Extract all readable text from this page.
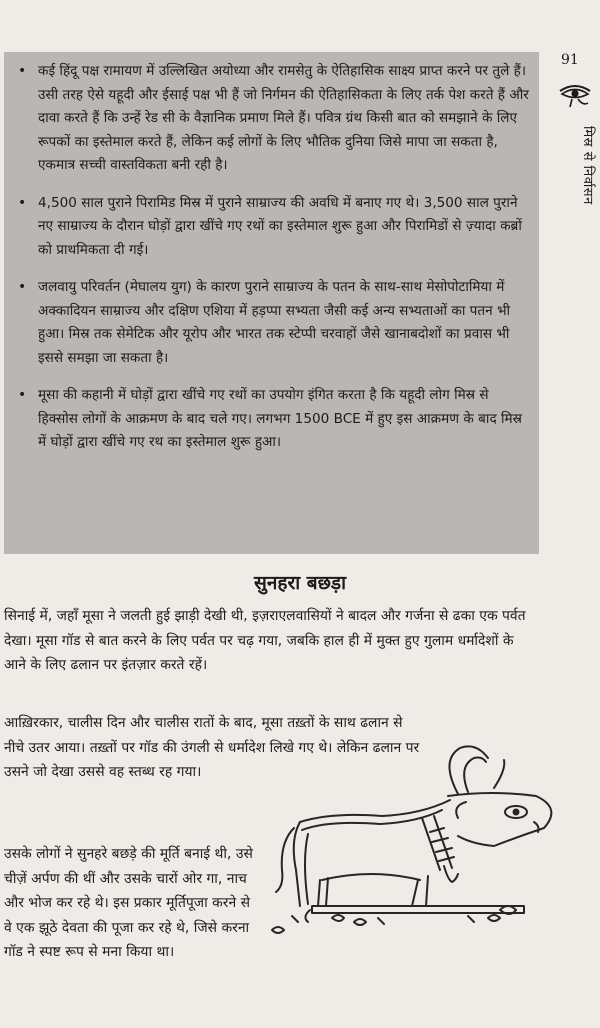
91
मिस्र से निर्वासन
• कई हिंदू पक्ष रामायण में उल्लिखित अयोध्या और रामसेतु के ऐतिहासिक साक्ष्य प्राप्त करने पर तुले हैं। उसी तरह ऐसे यहूदी और ईसाई पक्ष भी हैं जो निर्गमन की ऐतिहासिकता के लिए तर्क पेश करते हैं और दावा करते हैं कि उन्हें रेड सी के वैज्ञानिक प्रमाण मिले हैं। पवित्र ग्रंथ किसी बात को समझाने के लिए रूपकों का इस्तेमाल करते हैं, लेकिन कई लोगों के लिए भौतिक दुनिया जिसे मापा जा सकता है, एकमात्र सच्ची वास्तविकता बनी रही है।
• 4,500 साल पुराने पिरामिड मिस्र में पुराने साम्राज्य की अवधि में बनाए गए थे। 3,500 साल पुराने नए साम्राज्य के दौरान घोड़ों द्वारा खींचे गए रथों का इस्तेमाल शुरू हुआ और पिरामिडों से ज़्यादा कब्रों को प्राथमिकता दी गई।
• जलवायु परिवर्तन (मेघालय युग) के कारण पुराने साम्राज्य के पतन के साथ-साथ मेसोपोटामिया में अक्कादियन साम्राज्य और दक्षिण एशिया में हड़प्पा सभ्यता जैसी कई अन्य सभ्यताओं का पतन भी हुआ। मिस्र तक सेमेटिक और यूरोप और भारत तक स्टेप्पी चरवाहों जैसे खानाबदोशों का प्रवास भी इससे समझा जा सकता है।
• मूसा की कहानी में घोड़ों द्वारा खींचे गए रथों का उपयोग इंगित करता है कि यहूदी लोग मिस्र से हिक्सोस लोगों के आक्रमण के बाद चले गए। लगभग 1500 BCE में हुए इस आक्रमण के बाद मिस्र में घोड़ों द्वारा खींचे गए रथ का इस्तेमाल शुरू हुआ।
सुनहरा बछड़ा

सिनाई में, जहाँ मूसा ने जलती हुई झाड़ी देखी थी, इज़राएलवासियों ने बादल और गर्जना से ढका एक पर्वत देखा। मूसा गॉड से बात करने के लिए पर्वत पर चढ़ गया, जबकि हाल ही में मुक्त हुए गुलाम धर्मादेशों के आने के लिए ढलान पर इंतज़ार करते रहें।

आख़िरकार, चालीस दिन और चालीस रातों के बाद, मूसा तख़्तों के साथ ढलान से नीचे उतर आया। तख़्तों पर गॉड की उंगली से धर्मादेश लिखे गए थे। लेकिन ढलान पर उसने जो देखा उससे वह स्तब्ध रह गया।

उसके लोगों ने सुनहरे बछड़े की मूर्ति बनाई थी, उसे चीज़ें अर्पण की थीं और उसके चारों ओर गा, नाच और भोज कर रहे थे। इस प्रकार मूर्तिपूजा करने से वे एक झूठे देवता की पूजा कर रहे थे, जिसे करना गॉड ने स्पष्ट रूप से मना किया था।
